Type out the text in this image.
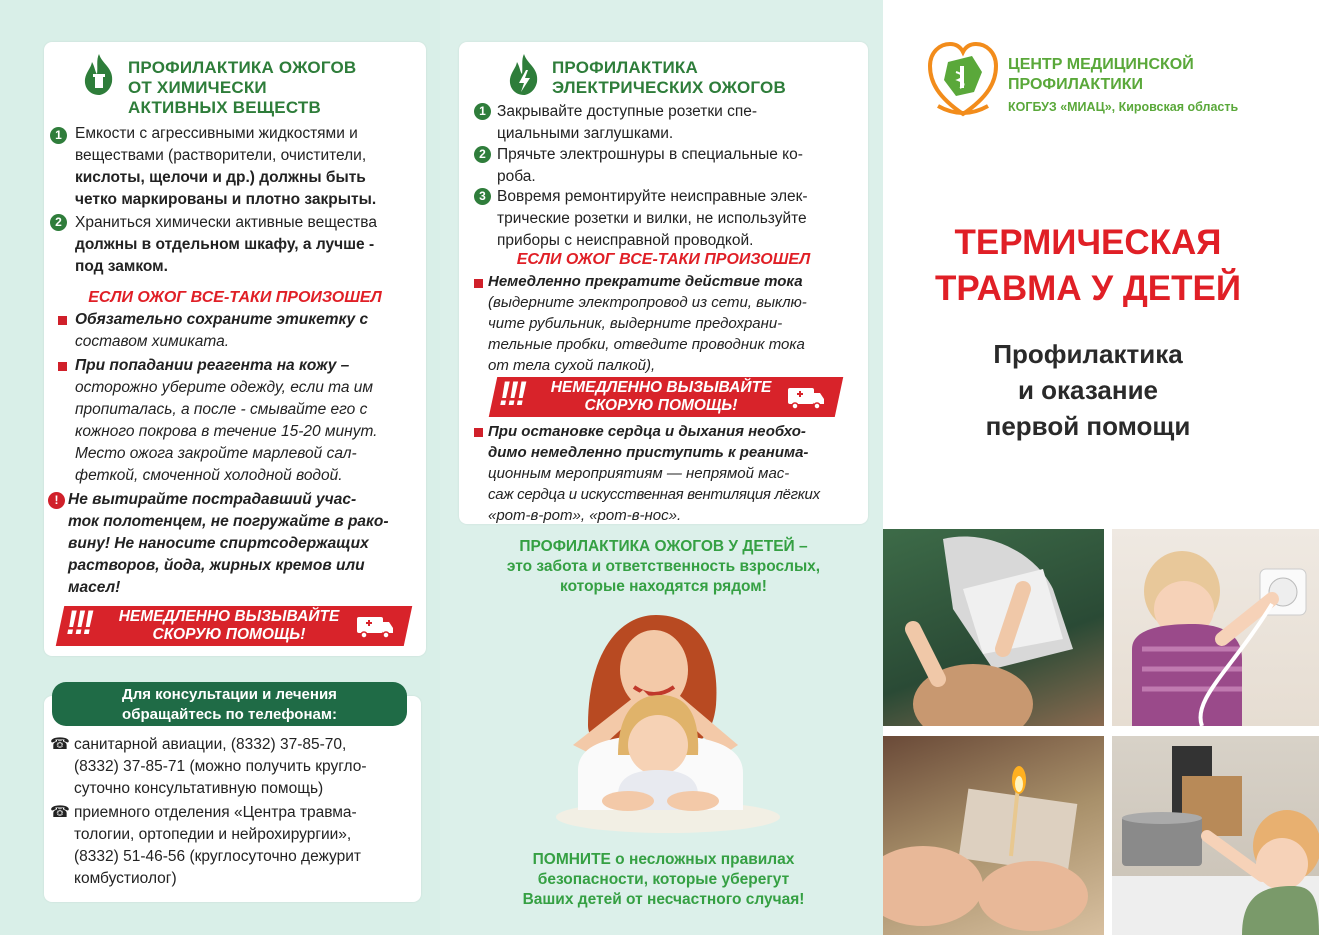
ПРОФИЛАКТИКА ОЖОГОВ
ОТ ХИМИЧЕСКИ
АКТИВНЫХ ВЕЩЕСТВ
1 Емкости с агрессивными жидкостями и
веществами (растворители, очистители,
кислоты, щелочи и др.) должны быть
четко маркированы и плотно закрыты.
2 Храниться химически активные вещества
должны в отдельном шкафу, а лучше -
под замком.
ЕСЛИ ОЖОГ ВСЕ-ТАКИ ПРОИЗОШЕЛ
Обязательно сохраните этикетку с
составом химиката.
При попадании реагента на кожу –
осторожно уберите одежду, если та им
пропиталась, а после - смывайте его с
кожного покрова в течение 15-20 минут.
Место ожога закройте марлевой сал-
феткой, смоченной холодной водой.
! Не вытирайте пострадавший учас-
ток полотенцем, не погружайте в рако-
вину! Не наносите спиртсодержащих
растворов, йода, жирных кремов или
масел!
!!!	НЕМЕДЛЕННО ВЫЗЫВАЙТЕ
СКОРУЮ ПОМОЩЬ!
Для консультации и лечения
обращайтесь по телефонам:
☎ санитарной авиации, (8332) 37-85-70,
(8332) 37-85-71 (можно получить кругло-
суточно консультативную помощь)
☎ приемного отделения «Центра травма-
тологии, ортопедии и нейрохирургии»,
(8332) 51-46-56 (круглосуточно дежурит
комбустиолог)
ПРОФИЛАКТИКА
ЭЛЕКТРИЧЕСКИХ ОЖОГОВ
1 Закрывайте доступные розетки спе-
циальными заглушками.
2 Прячьте электрошнуры в специальные ко-
роба.
3 Вовремя ремонтируйте неисправные элек-
трические розетки и вилки, не используйте
приборы с неисправной проводкой.
ЕСЛИ ОЖОГ ВСЕ-ТАКИ ПРОИЗОШЕЛ
Немедленно прекратите действие тока
(выдерните электропровод из сети, выклю-
чите рубильник, выдерните предохрани-
тельные пробки, отведите проводник тока
от тела сухой палкой),
!!!	НЕМЕДЛЕННО ВЫЗЫВАЙТЕ
СКОРУЮ ПОМОЩЬ!
При остановке сердца и дыхания необхо-
димо немедленно приступить к реанима-
ционным мероприятиям — непрямой мас-
саж сердца и искусственная вентиляция лёгких
«рот-в-рот», «рот-в-нос».
ПРОФИЛАКТИКА ОЖОГОВ У ДЕТЕЙ –
это забота и ответственность взрослых,
которые находятся рядом!
ПОМНИТЕ о несложных правилах
безопасности, которые уберегут
Ваших детей от несчастного случая!
ЦЕНТР МЕДИЦИНСКОЙ
ПРОФИЛАКТИКИ
КОГБУЗ «МИАЦ», Кировская область
ТЕРМИЧЕСКАЯ
ТРАВМА У ДЕТЕЙ
Профилактика
и оказание
первой помощи
